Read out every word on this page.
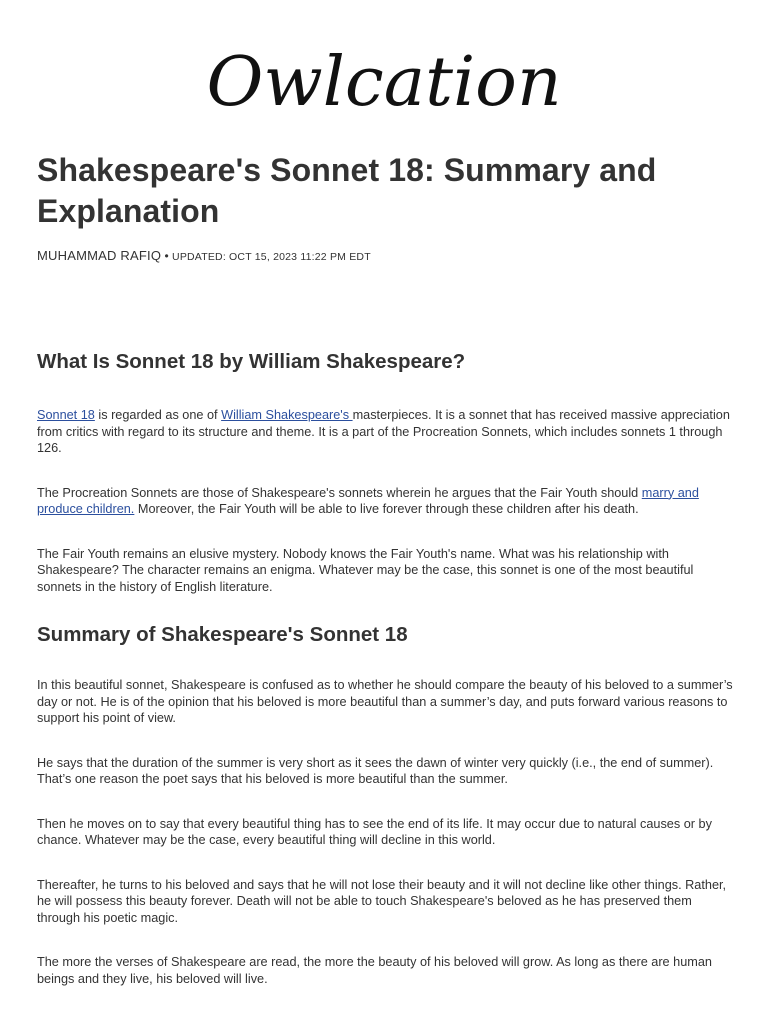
Owlcation
Shakespeare's Sonnet 18: Summary and Explanation
MUHAMMAD RAFIQ • UPDATED: OCT 15, 2023 11:22 PM EDT
What Is Sonnet 18 by William Shakespeare?

Sonnet 18 is regarded as one of William Shakespeare's masterpieces. It is a sonnet that has received massive appreciation from critics with regard to its structure and theme. It is a part of the Procreation Sonnets, which includes sonnets 1 through 126.

The Procreation Sonnets are those of Shakespeare's sonnets wherein he argues that the Fair Youth should marry and produce children. Moreover, the Fair Youth will be able to live forever through these children after his death.

The Fair Youth remains an elusive mystery. Nobody knows the Fair Youth's name. What was his relationship with Shakespeare? The character remains an enigma. Whatever may be the case, this sonnet is one of the most beautiful sonnets in the history of English literature.

Summary of Shakespeare's Sonnet 18

In this beautiful sonnet, Shakespeare is confused as to whether he should compare the beauty of his beloved to a summer’s day or not. He is of the opinion that his beloved is more beautiful than a summer’s day, and puts forward various reasons to support his point of view.

He says that the duration of the summer is very short as it sees the dawn of winter very quickly (i.e., the end of summer). That’s one reason the poet says that his beloved is more beautiful than the summer.

Then he moves on to say that every beautiful thing has to see the end of its life. It may occur due to natural causes or by chance. Whatever may be the case, every beautiful thing will decline in this world.

Thereafter, he turns to his beloved and says that he will not lose their beauty and it will not decline like other things. Rather, he will possess this beauty forever. Death will not be able to touch Shakespeare's beloved as he has preserved them through his poetic magic.

The more the verses of Shakespeare are read, the more the beauty of his beloved will grow. As long as there are human beings and they live, his beloved will live.
